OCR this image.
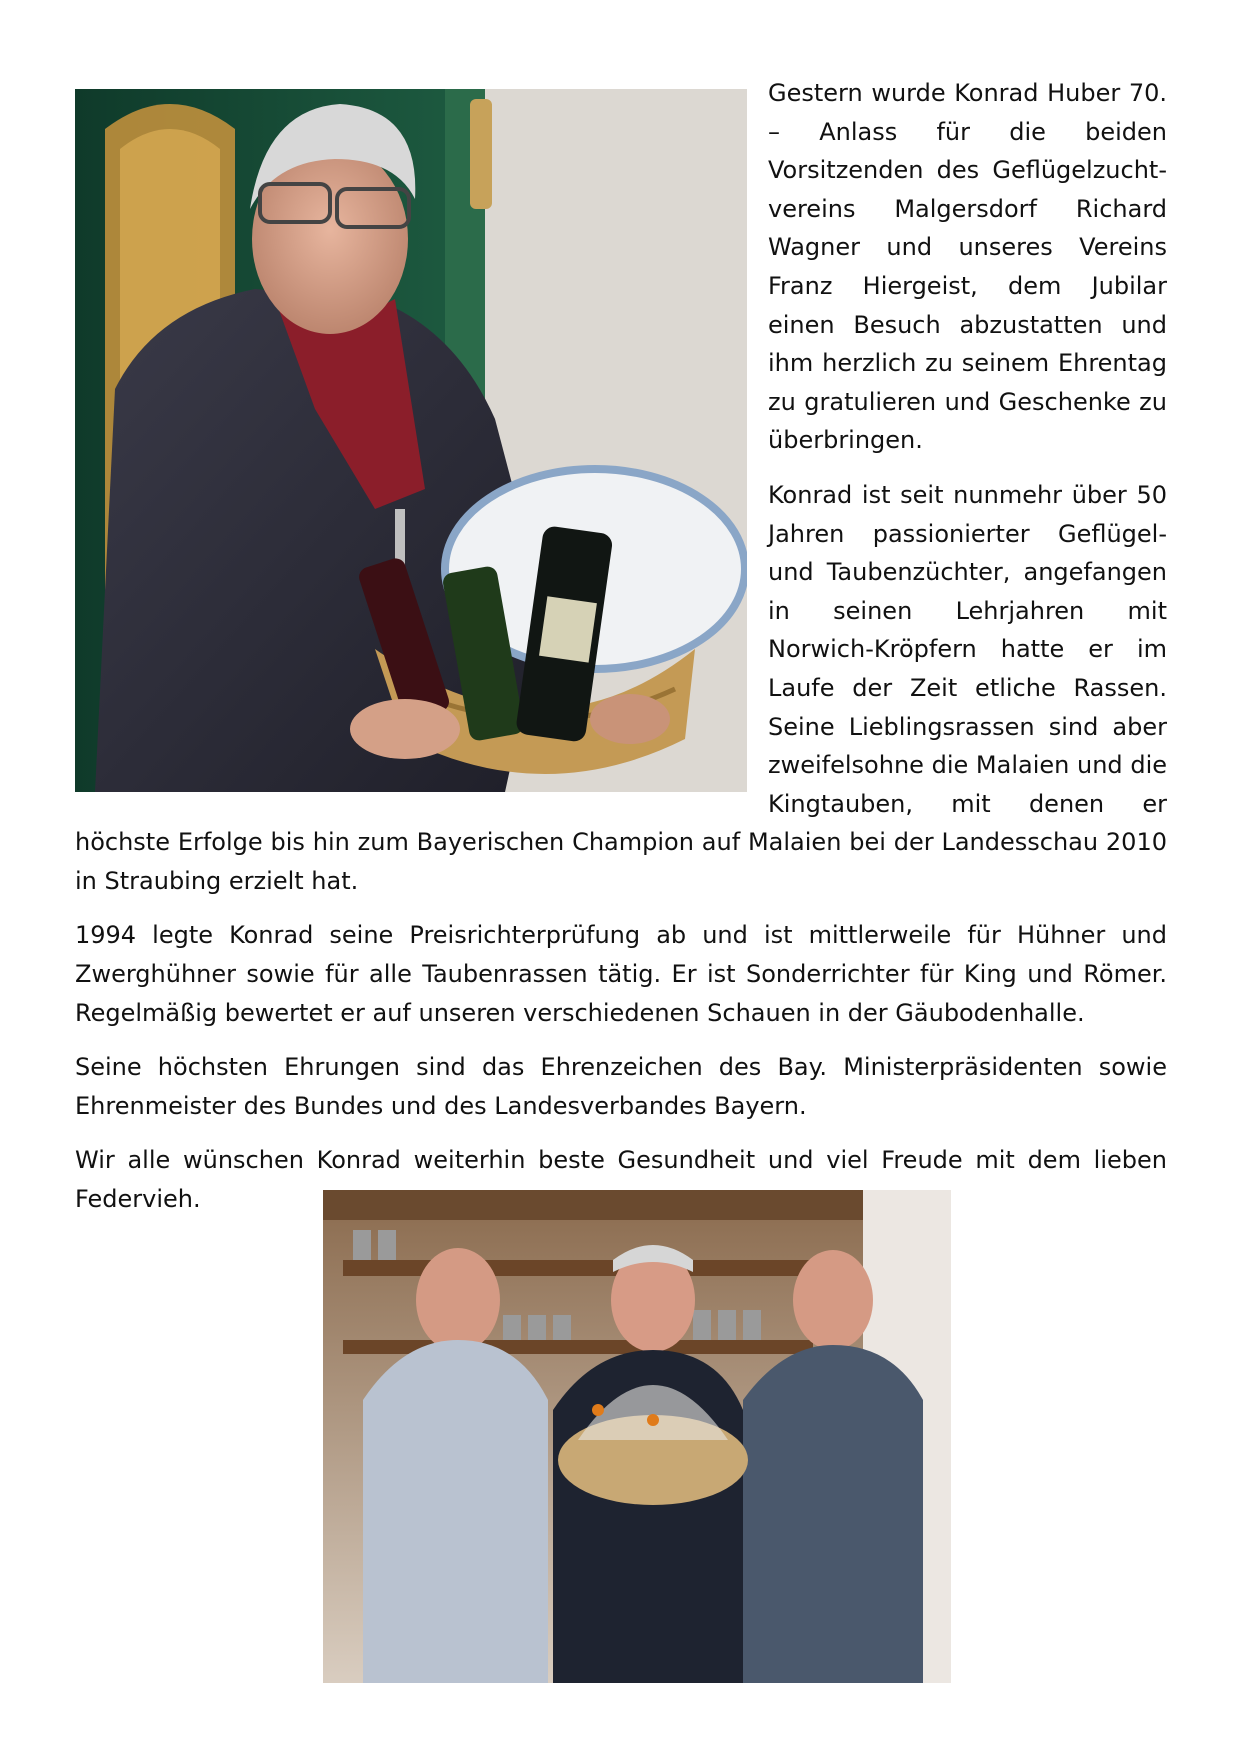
Gestern wurde Konrad Huber 70. – Anlass für die beiden Vorsitzenden des Geflügelzucht-vereins Malgersdorf Richard Wagner und unseres Vereins Franz Hiergeist, dem Jubilar einen Besuch abzustatten und ihm herzlich zu seinem Ehrentag zu gratulieren und Geschenke zu überbringen.

Konrad ist seit nunmehr über 50 Jahren passionierter Geflügel- und Taubenzüchter, angefangen in seinen Lehrjahren mit Norwich-Kröpfern hatte er im Laufe der Zeit etliche Rassen. Seine Lieblingsrassen sind aber zweifelsohne die Malaien und die Kingtauben, mit denen er höchste Erfolge bis hin zum Bayerischen Champion auf Malaien bei der Landesschau 2010 in Straubing erzielt hat.

1994 legte Konrad seine Preisrichterprüfung ab und ist mittlerweile für Hühner und Zwerghühner sowie für alle Taubenrassen tätig. Er ist Sonderrichter für King und Römer. Regelmäßig bewertet er auf unseren verschiedenen Schauen in der Gäubodenhalle.

Seine höchsten Ehrungen sind das Ehrenzeichen des Bay. Ministerpräsidenten sowie Ehrenmeister des Bundes und des Landesverbandes Bayern.

Wir alle wünschen Konrad weiterhin beste Gesundheit und viel Freude mit dem lieben Federvieh.
